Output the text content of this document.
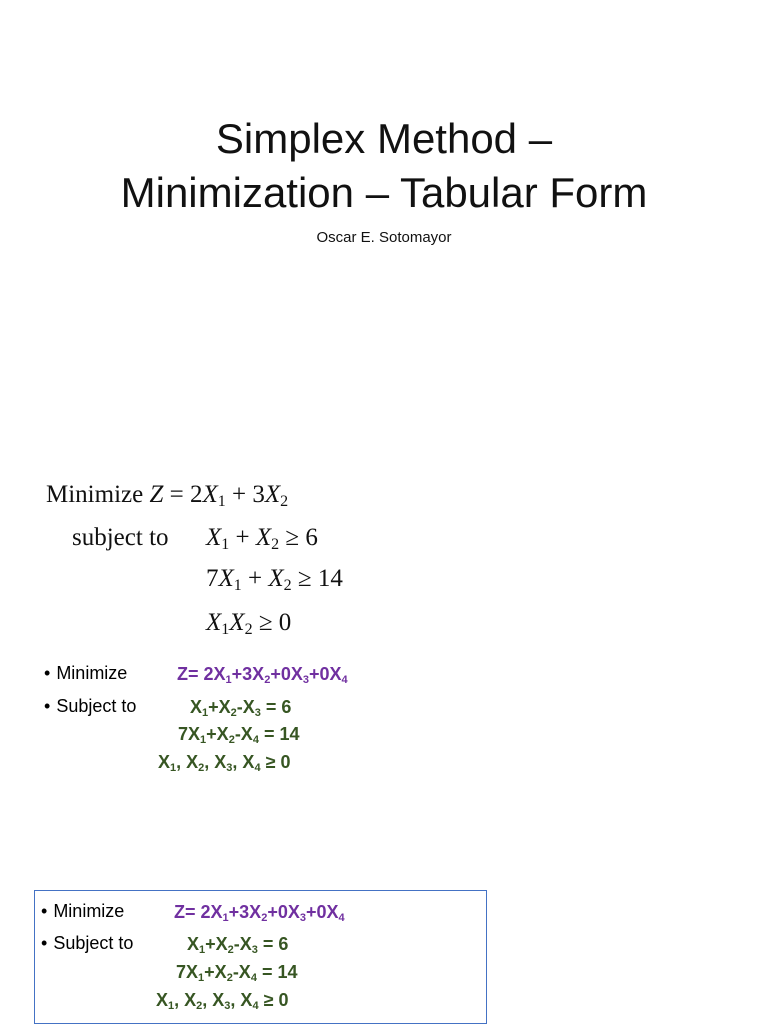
Simplex Method –
Minimization – Tabular Form
Oscar E. Sotomayor
Minimize $Z = 2X_1 + 3X_2$
subject to $X_1 + X_2 \ge 6$
$7X_1 + X_2 \ge 14$
$X_1X_2 \ge 0$
• Minimize	$Z= 2X_1+3X_2+0X_3+0X_4$
• Subject to	$X_1+X_2-X_3 = 6$
$7X_1+X_2-X_4 = 14$
$X_1$, $X_2$, $X_3$, $X_4 \ge 0$
• Minimize	$Z= 2X_1+3X_2+0X_3+0X_4$
• Subject to	$X_1+X_2-X_3 = 6$
$7X_1+X_2-X_4 = 14$
$X_1$, $X_2$, $X_3$, $X_4 \ge 0$
